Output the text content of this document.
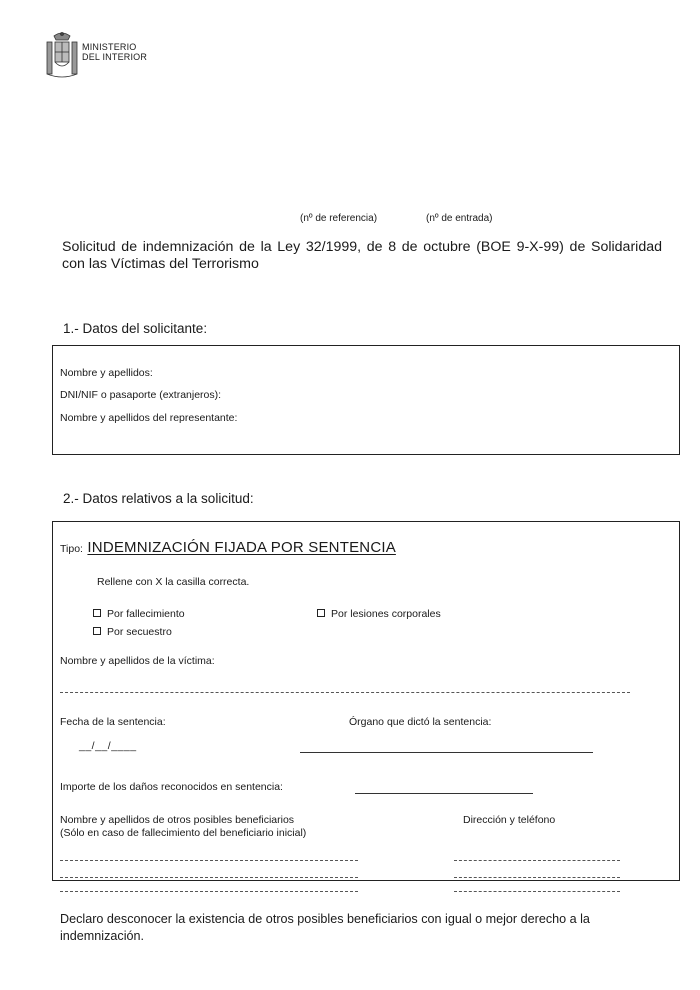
MINISTERIO
DEL INTERIOR
(nº de referencia)	(nº de entrada)
Solicitud de indemnización de la Ley 32/1999, de 8 de octubre (BOE 9-X-99) de Solidaridad con las Víctimas del Terrorismo
1.- Datos del solicitante:
Nombre y apellidos:
DNI/NIF o pasaporte (extranjeros):
Nombre y apellidos del representante:
2.- Datos relativos a la solicitud:
Tipo: INDEMNIZACIÓN FIJADA POR SENTENCIA
Rellene con X la casilla correcta.
Por fallecimiento	Por lesiones corporales
Por secuestro
Nombre y apellidos de la víctima:
Fecha de la sentencia:	Órgano que dictó la sentencia:
__/__/____
Importe de los daños reconocidos en sentencia:
Nombre y apellidos de otros posibles beneficiarios
(Sólo en caso de fallecimiento del beneficiario inicial)
Dirección y teléfono
Declaro desconocer la existencia de otros posibles beneficiarios con igual o mejor derecho a la indemnización.
